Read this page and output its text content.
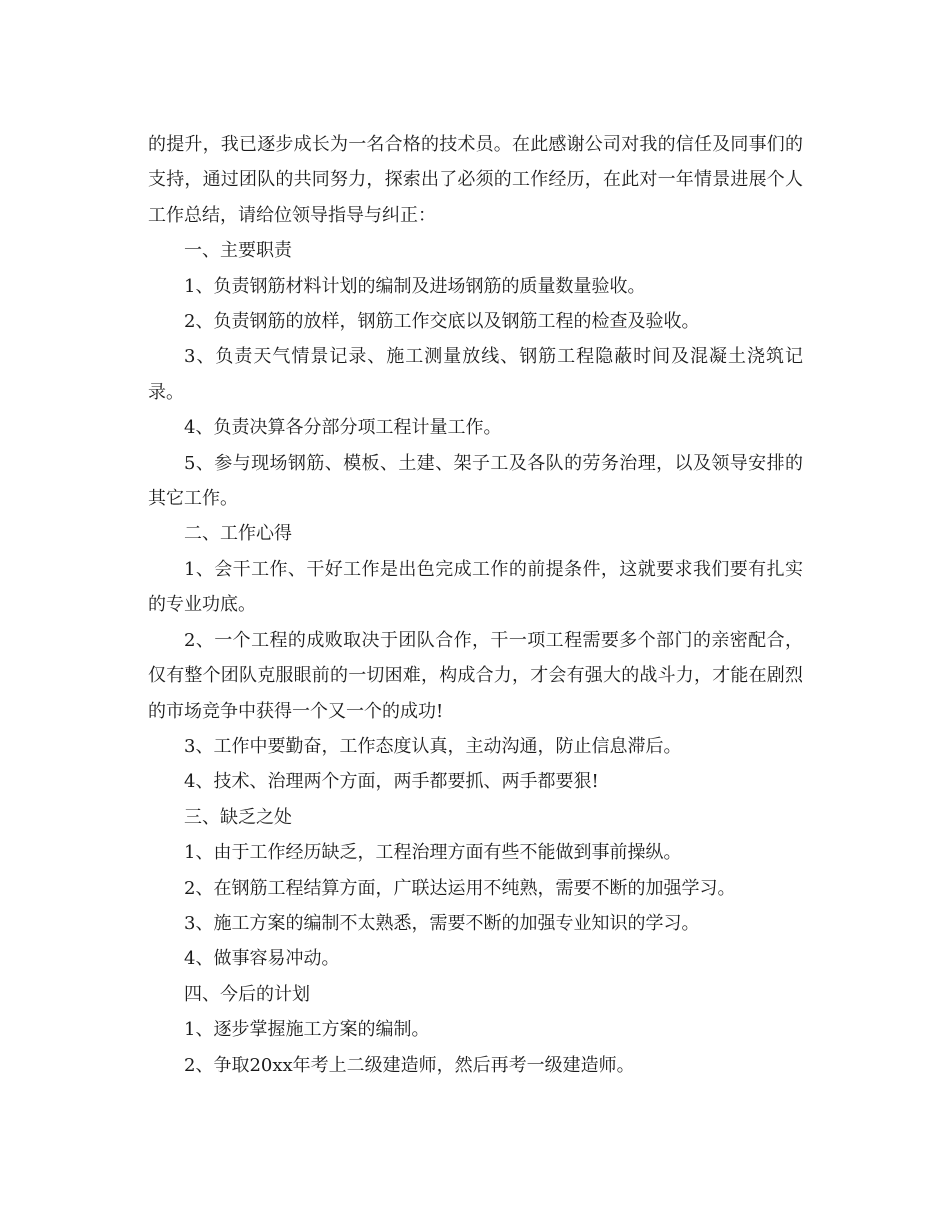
的提升，我已逐步成长为一名合格的技术员。在此感谢公司对我的信任及同事们的支持，通过团队的共同努力，探索出了必须的工作经历，在此对一年情景进展个人工作总结，请给位领导指导与纠正：

一、主要职责

1、负责钢筋材料计划的编制及进场钢筋的质量数量验收。

2、负责钢筋的放样，钢筋工作交底以及钢筋工程的检查及验收。

3、负责天气情景记录、施工测量放线、钢筋工程隐蔽时间及混凝土浇筑记录。

4、负责决算各分部分项工程计量工作。

5、参与现场钢筋、模板、土建、架子工及各队的劳务治理，以及领导安排的其它工作。

二、工作心得

1、会干工作、干好工作是出色完成工作的前提条件，这就要求我们要有扎实的专业功底。

2、一个工程的成败取决于团队合作，干一项工程需要多个部门的亲密配合，仅有整个团队克服眼前的一切困难，构成合力，才会有强大的战斗力，才能在剧烈的市场竞争中获得一个又一个的成功!

3、工作中要勤奋，工作态度认真，主动沟通，防止信息滞后。

4、技术、治理两个方面，两手都要抓、两手都要狠!

三、缺乏之处

1、由于工作经历缺乏，工程治理方面有些不能做到事前操纵。

2、在钢筋工程结算方面，广联达运用不纯熟，需要不断的加强学习。

3、施工方案的编制不太熟悉，需要不断的加强专业知识的学习。

4、做事容易冲动。

四、今后的计划

1、逐步掌握施工方案的编制。

2、争取20xx年考上二级建造师，然后再考一级建造师。
